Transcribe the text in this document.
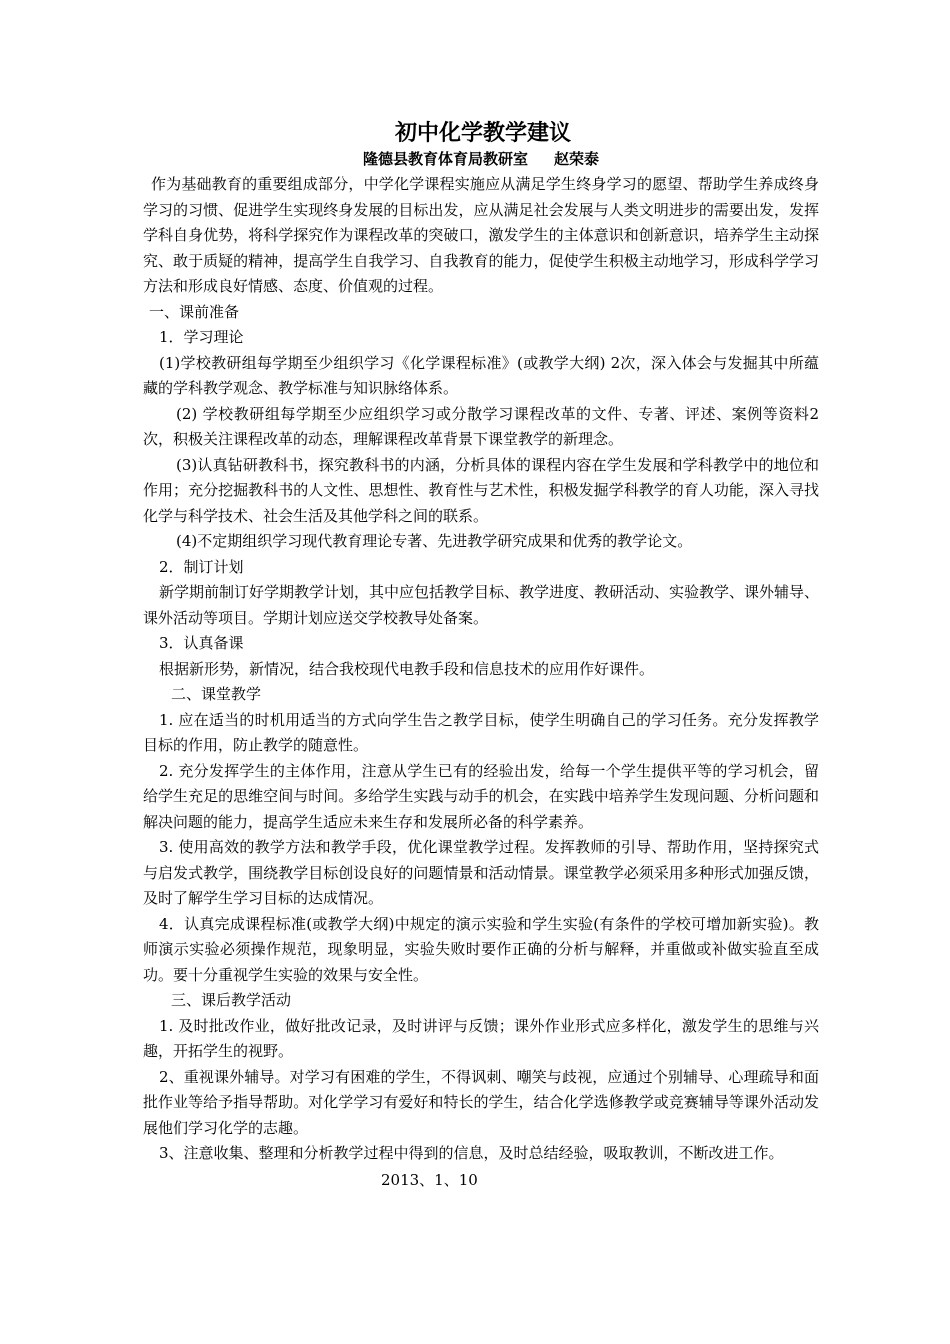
初中化学教学建议

隆德县教育体育局教研室     赵荣泰

作为基础教育的重要组成部分，中学化学课程实施应从满足学生终身学习的愿望、帮助学生养成终身学习的习惯、促进学生实现终身发展的目标出发，应从满足社会发展与人类文明进步的需要出发，发挥学科自身优势，将科学探究作为课程改革的突破口，激发学生的主体意识和创新意识，培养学生主动探究、敢于质疑的精神，提高学生自我学习、自我教育的能力，促使学生积极主动地学习，形成科学学习方法和形成良好情感、态度、价值观的过程。

一、课前准备

1．学习理论

(1)学校教研组每学期至少组织学习《化学课程标准》(或教学大纲) 2次，深入体会与发掘其中所蕴藏的学科教学观念、教学标准与知识脉络体系。

(2) 学校教研组每学期至少应组织学习或分散学习课程改革的文件、专著、评述、案例等资料2次，积极关注课程改革的动态，理解课程改革背景下课堂教学的新理念。

(3)认真钻研教科书，探究教科书的内涵，分析具体的课程内容在学生发展和学科教学中的地位和作用；充分挖掘教科书的人文性、思想性、教育性与艺术性，积极发掘学科教学的育人功能，深入寻找化学与科学技术、社会生活及其他学科之间的联系。

(4)不定期组织学习现代教育理论专著、先进教学研究成果和优秀的教学论文。

2．制订计划

新学期前制订好学期教学计划，其中应包括教学目标、教学进度、教研活动、实验教学、课外辅导、课外活动等项目。学期计划应送交学校教导处备案。

3．认真备课

根据新形势，新情况，结合我校现代电教手段和信息技术的应用作好课件。

二、课堂教学

1. 应在适当的时机用适当的方式向学生告之教学目标，使学生明确自己的学习任务。充分发挥教学目标的作用，防止教学的随意性。

2. 充分发挥学生的主体作用，注意从学生已有的经验出发，给每一个学生提供平等的学习机会，留给学生充足的思维空间与时间。多给学生实践与动手的机会，在实践中培养学生发现问题、分析问题和解决问题的能力，提高学生适应未来生存和发展所必备的科学素养。

3. 使用高效的教学方法和教学手段，优化课堂教学过程。发挥教师的引导、帮助作用，坚持探究式与启发式教学，围绕教学目标创设良好的问题情景和活动情景。课堂教学必须采用多种形式加强反馈，及时了解学生学习目标的达成情况。

4．认真完成课程标准(或教学大纲)中规定的演示实验和学生实验(有条件的学校可增加新实验)。教师演示实验必须操作规范，现象明显，实验失败时要作正确的分析与解释，并重做或补做实验直至成功。要十分重视学生实验的效果与安全性。

三、课后教学活动

1. 及时批改作业，做好批改记录，及时讲评与反馈；课外作业形式应多样化，激发学生的思维与兴趣，开拓学生的视野。

2、重视课外辅导。对学习有困难的学生，不得讽刺、嘲笑与歧视，应通过个别辅导、心理疏导和面批作业等给予指导帮助。对化学学习有爱好和特长的学生，结合化学选修教学或竞赛辅导等课外活动发展他们学习化学的志趣。

3、注意收集、整理和分析教学过程中得到的信息，及时总结经验，吸取教训，不断改进工作。

2013、1、10
